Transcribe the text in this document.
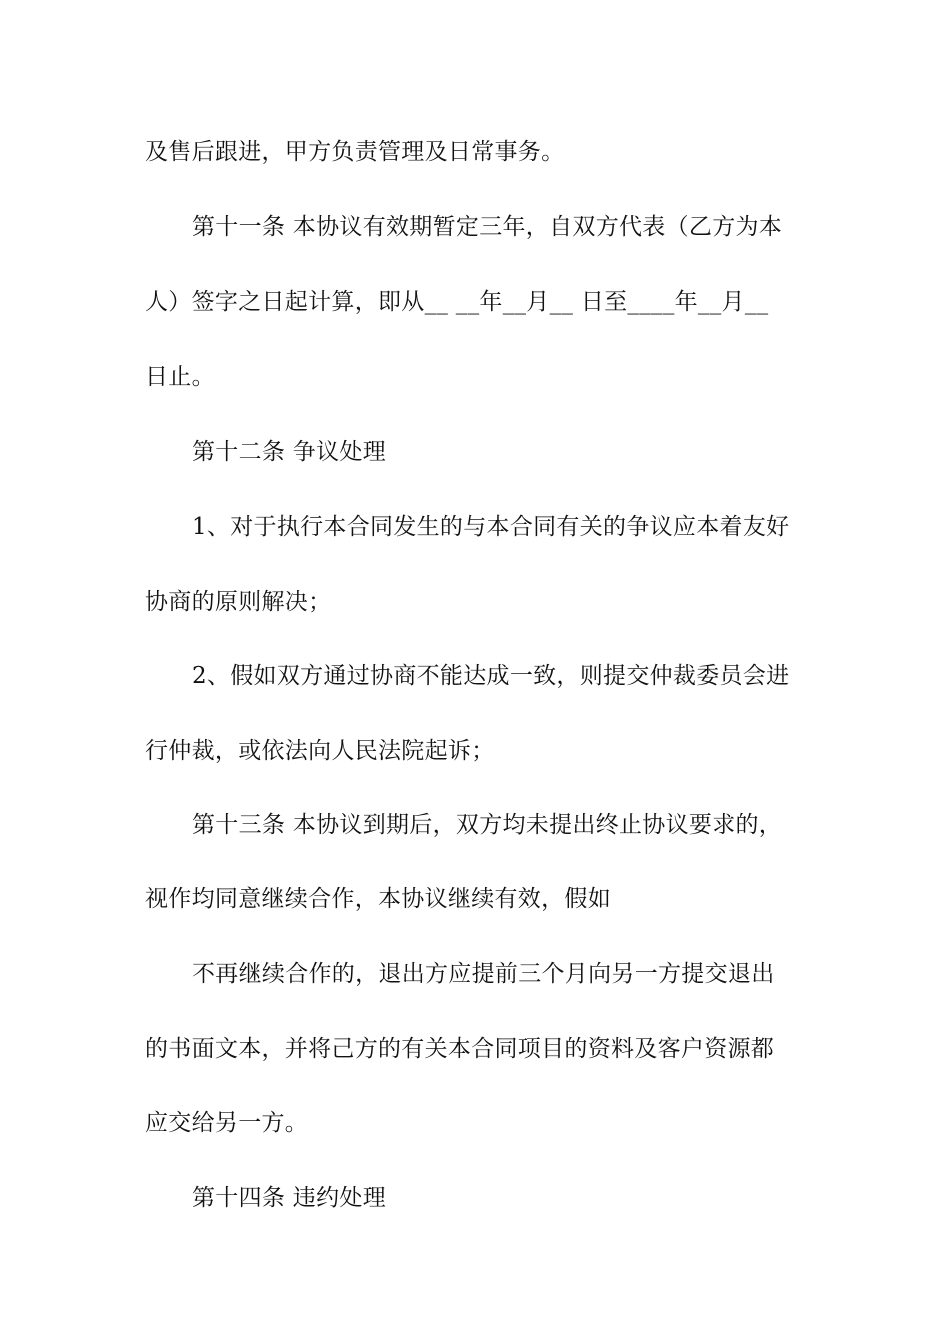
及售后跟进，甲方负责管理及日常事务。
第十一条 本协议有效期暂定三年，自双方代表（乙方为本
人）签字之日起计算，即从__ __年__月__ 日至____年__月__
日止。
第十二条 争议处理
1、对于执行本合同发生的与本合同有关的争议应本着友好
协商的原则解决；
2、假如双方通过协商不能达成一致，则提交仲裁委员会进
行仲裁，或依法向人民法院起诉；
第十三条 本协议到期后，双方均未提出终止协议要求的，
视作均同意继续合作，本协议继续有效，假如
不再继续合作的，退出方应提前三个月向另一方提交退出
的书面文本，并将己方的有关本合同项目的资料及客户资源都
应交给另一方。
第十四条 违约处理
